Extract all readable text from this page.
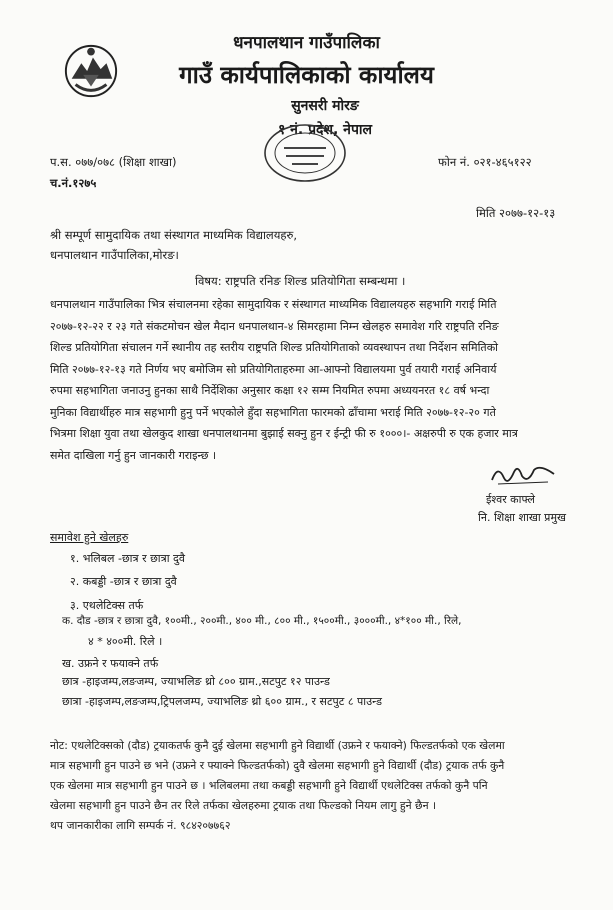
धनपालथान गाउँपालिका
गाउँ कार्यपालिकाको कार्यालय
सुनसरी मोरङ
१ नं. प्रदेश, नेपाल
प.स. ०७७/०७८ (शिक्षा शाखा)
च.नं.१२७५
फोन नं. ०२१-४६५१२२
मिति २०७७-१२-१३
श्री सम्पूर्ण सामुदायिक तथा संस्थागत माध्यमिक विद्यालयहरु,
धनपालथान गाउँपालिका,मोरङ।
विषय: राष्ट्रपति रनिङ शिल्ड प्रतियोगिता सम्बन्धमा ।
धनपालथान गाउँपालिका भित्र संचालनमा रहेका सामुदायिक र संस्थागत माध्यमिक विद्यालयहरु सहभागि गराई मिति
२०७७-१२-२२ र २३ गते संकटमोचन खेल मैदान धनपालथान-४ सिमरहामा निम्न खेलहरु समावेश गरि राष्ट्रपति रनिङ
शिल्ड प्रतियोगिता संचालन गर्ने स्थानीय तह स्तरीय राष्ट्रपति शिल्ड प्रतियोगिताको व्यवस्थापन तथा निर्देशन समितिको
मिति २०७७-१२-१३ गते निर्णय भए बमोजिम सो प्रतियोगिताहरुमा आ-आफ्नो विद्यालयमा पुर्व तयारी गराई अनिवार्य
रुपमा सहभागिता जनाउनु हुनका साथै निर्देशिका अनुसार कक्षा १२ सम्म नियमित रुपमा अध्ययनरत १८ वर्ष भन्दा
मुनिका विद्यार्थीहरु मात्र सहभागी हुनु पर्ने भएकोले हुँदा सहभागिता फारमको ढाँचामा भराई मिति २०७७-१२-२० गते
भित्रमा शिक्षा युवा तथा खेलकुद शाखा धनपालथानमा बुझाई सक्नु हुन र ईन्ट्री फी रु १०००।- अक्षरुपी रु एक हजार मात्र
समेत दाखिला गर्नु हुन जानकारी गराइन्छ ।
ईश्वर काफ्ले
नि. शिक्षा शाखा प्रमुख
समावेश हुने खेलहरु
१. भलिबल -छात्र र छात्रा दुवै
२. कबड्डी -छात्र र छात्रा दुवै
३. एथलेटिक्स तर्फ
क. दौड -छात्र र छात्रा दुवै, १००मी., २००मी., ४०० मी., ८०० मी., १५००मी., ३०००मी., ४*१०० मी., रिले,
४ * ४००मी. रिले ।
ख. उफ्रने र फयाक्ने तर्फ
छात्र -हाइजम्प,लङजम्प, ज्याभलिङ थ्रो ८०० ग्राम.,सटपुट १२ पाउन्ड
छात्रा -हाइजम्प,लङजम्प,ट्रिपलजम्प, ज्याभलिङ थ्रो ६०० ग्राम., र सटपुट ८ पाउन्ड
नोट: एथलेटिक्सको (दौड) ट्रयाकतर्फ कुनै दुई खेलमा सहभागी हुने विद्यार्थी (उफ्रने र फयाक्ने) फिल्डतर्फको एक खेलमा
मात्र सहभागी हुन पाउने छ भने (उफ्रने र फ्याक्ने फिल्डतर्फको) दुवै खेलमा सहभागी हुने विद्यार्थी (दौड) ट्रयाक तर्फ कुनै
एक खेलमा मात्र सहभागी हुन पाउने छ । भलिबलमा तथा कबड्डी सहभागी हुने विद्यार्थी एथलेटिक्स तर्फको कुनै पनि
खेलमा सहभागी हुन पाउने छैन तर रिले तर्फका खेलहरुमा ट्रयाक तथा फिल्डको नियम लागु हुने छैन ।
थप जानकारीका लागि सम्पर्क नं. ९८४२०७७६२
